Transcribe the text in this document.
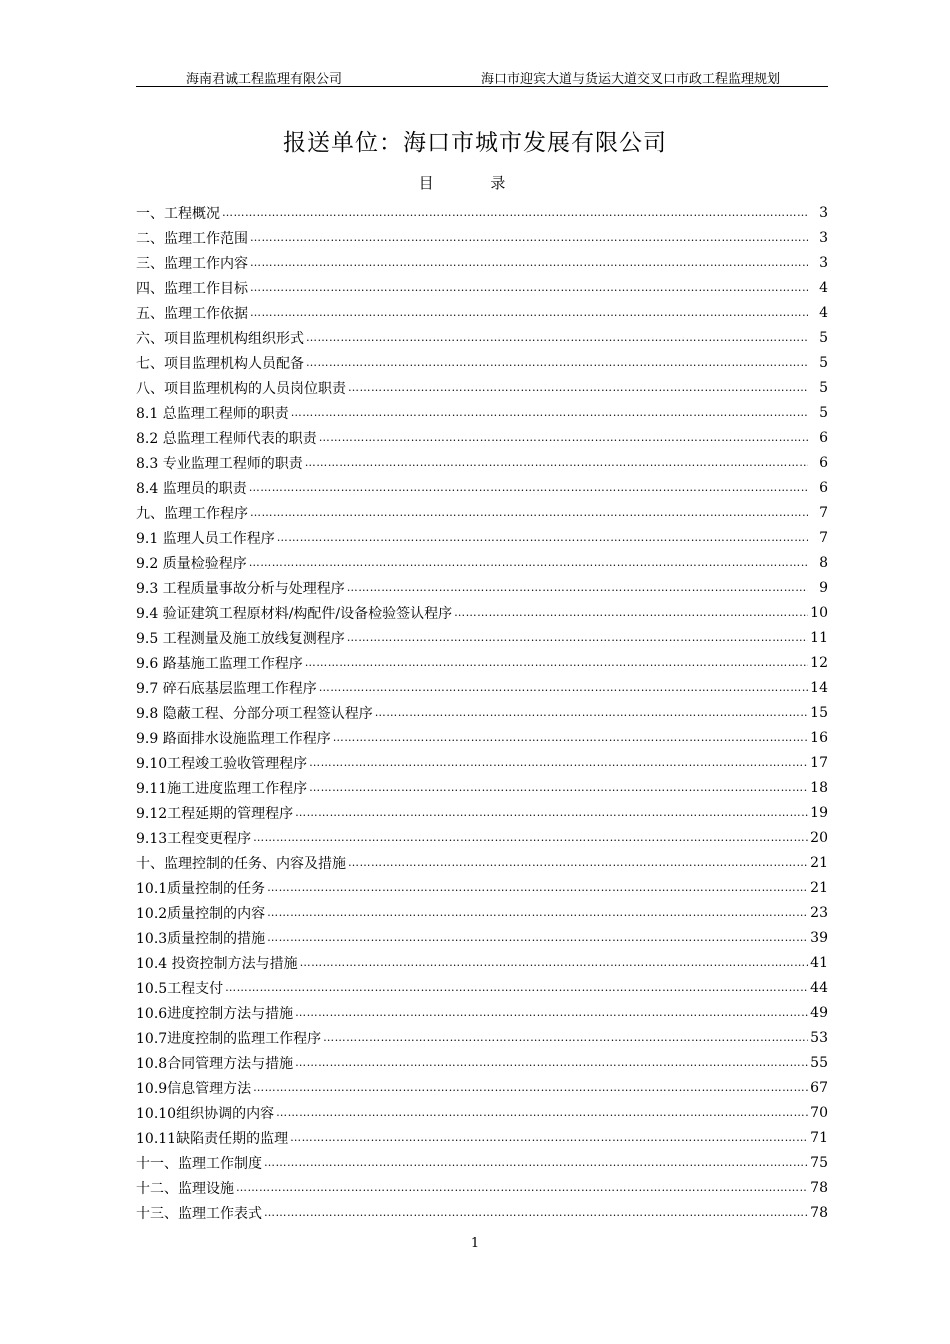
海南君诚工程监理有限公司	海口市迎宾大道与货运大道交叉口市政工程监理规划
报送单位：海口市城市发展有限公司
目 录
一、工程概况 ……………………………………………………………………………………………………………………………………………………………………………………………………………………………………………………	3
二、监理工作范围 ……………………………………………………………………………………………………………………………………………………………………………………………………………………………………………………	3
三、监理工作内容 ……………………………………………………………………………………………………………………………………………………………………………………………………………………………………………………	3
四、监理工作目标 ……………………………………………………………………………………………………………………………………………………………………………………………………………………………………………………	4
五、监理工作依据 ……………………………………………………………………………………………………………………………………………………………………………………………………………………………………………………	4
六、项目监理机构组织形式 ……………………………………………………………………………………………………………………………………………………………………………………………………………………………………………………	5
七、项目监理机构人员配备 ……………………………………………………………………………………………………………………………………………………………………………………………………………………………………………………	5
八、项目监理机构的人员岗位职责 ……………………………………………………………………………………………………………………………………………………………………………………………………………………………………………………	5
8.1 总监理工程师的职责 ……………………………………………………………………………………………………………………………………………………………………………………………………………………………………………………	5
8.2 总监理工程师代表的职责 ……………………………………………………………………………………………………………………………………………………………………………………………………………………………………………………	6
8.3 专业监理工程师的职责 ……………………………………………………………………………………………………………………………………………………………………………………………………………………………………………………	6
8.4 监理员的职责 ……………………………………………………………………………………………………………………………………………………………………………………………………………………………………………………	6
九、监理工作程序 ……………………………………………………………………………………………………………………………………………………………………………………………………………………………………………………	7
9.1 监理人员工作程序 ……………………………………………………………………………………………………………………………………………………………………………………………………………………………………………………	7
9.2 质量检验程序 ……………………………………………………………………………………………………………………………………………………………………………………………………………………………………………………	8
9.3 工程质量事故分析与处理程序 ……………………………………………………………………………………………………………………………………………………………………………………………………………………………………………………	9
9.4 验证建筑工程原材料/构配件/设备检验签认程序 ……………………………………………………………………………………………………………………………………………………………………………………………………………………………………………………	10
9.5 工程测量及施工放线复测程序 ……………………………………………………………………………………………………………………………………………………………………………………………………………………………………………………	11
9.6 路基施工监理工作程序 ……………………………………………………………………………………………………………………………………………………………………………………………………………………………………………………	12
9.7 碎石底基层监理工作程序 ……………………………………………………………………………………………………………………………………………………………………………………………………………………………………………………	14
9.8 隐蔽工程、分部分项工程签认程序 ……………………………………………………………………………………………………………………………………………………………………………………………………………………………………………………	15
9.9 路面排水设施监理工作程序 ……………………………………………………………………………………………………………………………………………………………………………………………………………………………………………………	16
9.10工程竣工验收管理程序 ……………………………………………………………………………………………………………………………………………………………………………………………………………………………………………………	17
9.11施工进度监理工作程序 ……………………………………………………………………………………………………………………………………………………………………………………………………………………………………………………	18
9.12工程延期的管理程序 ……………………………………………………………………………………………………………………………………………………………………………………………………………………………………………………	19
9.13工程变更程序 ……………………………………………………………………………………………………………………………………………………………………………………………………………………………………………………	20
十、监理控制的任务、内容及措施 ……………………………………………………………………………………………………………………………………………………………………………………………………………………………………………………	21
10.1质量控制的任务 ……………………………………………………………………………………………………………………………………………………………………………………………………………………………………………………	21
10.2质量控制的内容 ……………………………………………………………………………………………………………………………………………………………………………………………………………………………………………………	23
10.3质量控制的措施 ……………………………………………………………………………………………………………………………………………………………………………………………………………………………………………………	39
10.4 投资控制方法与措施 ……………………………………………………………………………………………………………………………………………………………………………………………………………………………………………………	41
10.5工程支付 ……………………………………………………………………………………………………………………………………………………………………………………………………………………………………………………	44
10.6进度控制方法与措施 ……………………………………………………………………………………………………………………………………………………………………………………………………………………………………………………	49
10.7进度控制的监理工作程序 ……………………………………………………………………………………………………………………………………………………………………………………………………………………………………………………	53
10.8合同管理方法与措施 ……………………………………………………………………………………………………………………………………………………………………………………………………………………………………………………	55
10.9信息管理方法 ……………………………………………………………………………………………………………………………………………………………………………………………………………………………………………………	67
10.10组织协调的内容 ……………………………………………………………………………………………………………………………………………………………………………………………………………………………………………………	70
10.11缺陷责任期的监理 ……………………………………………………………………………………………………………………………………………………………………………………………………………………………………………………	71
十一、监理工作制度 ……………………………………………………………………………………………………………………………………………………………………………………………………………………………………………………	75
十二、监理设施 ……………………………………………………………………………………………………………………………………………………………………………………………………………………………………………………	78
十三、监理工作表式 ……………………………………………………………………………………………………………………………………………………………………………………………………………………………………………………	78
1
